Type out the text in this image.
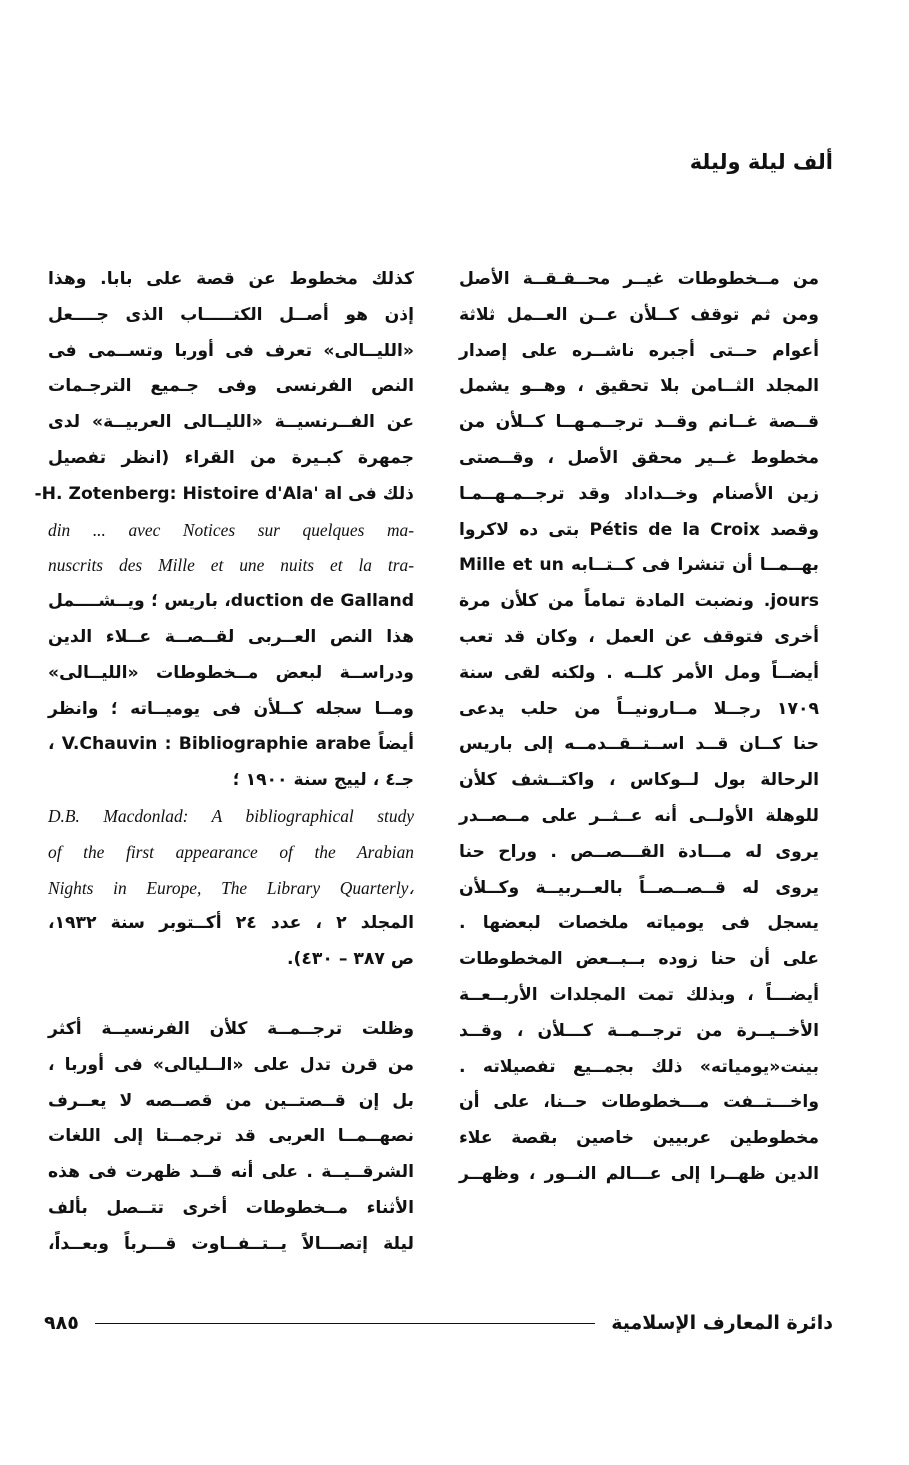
ألف ليلة وليلة
من مــخطوطات غيــر محــقـقــة الأصل
ومن ثم توقف كــلأن عــن العــمل ثلاثة
أعوام حــتى أجبره ناشــره على إصدار
المجلد الثــامن بلا تحقيق ، وهــو يشمل
قــصة غــانم وقــد ترجــمـهــا كــلأن من
مخطوط غــير محقق الأصل ، وقــصتى
زين الأصنام وخــداداد وقد ترجــمـهــمـا
وقصد Pétis de la Croix بتى ده لاكروا
بهــمــا أن تنشرا فى كــتــابه Mille et un
jours. ونضبت المادة تماماً من كلأن مرة
أخرى فتوقف عن العمل ، وكان قد تعب
أيضــاً ومل الأمر كلــه . ولكنه لقى سنة
١٧٠٩ رجــلا مــارونيــاً من حلب يدعى
حنا كــان قــد اســتــقــدمــه إلى باريس
الرحالة بول لــوكاس ، واكتــشف كلأن
للوهلة الأولــى أنه عــثــر على مــصــدر
يروى له مـــادة القـــصــص . وراح حنا
يروى له قــصــصــاً بالعــربيــة وكــلأن
يسجل فى يومياته ملخصات لبعضها .
على أن حنا زوده بــبــعض المخطوطات
أيضـــاً ، وبذلك تمت المجلدات الأربــعــة
الأخــيــرة من ترجــمــة كـــلأن ، وقــد
بينت«يومياته» ذلك بجمــيع تفصيلاته .
واخـــتــفت مـــخطوطات حــنا، على أن
مخطوطين عربيين خاصين بقصة علاء
الدين ظهــرا إلى عـــالم النــور ، وظهــر
كذلك مخطوط عن قصة على بابا. وهذا
إذن هو أصــل الكتـــــاب الذى جــــعل
«الليــالى» تعرف فى أوربا وتســمى فى
النص الفرنسى وفى جـميع الترجـمات
عن الفــرنسيــة «الليــالى العربيــة» لدى
جمهرة كبـيرة من القراء (انظر تفصيل
ذلك فى H. Zotenberg: Histoire d'Ala' al-
din ... avec Notices sur quelques ma-
nuscrits des Mille et une nuits et la tra-
duction de Galland، باريس ؛ ويــشــــمل
هذا النص العــربى لقــصــة عــلاء الدين
ودراســة لبعض مــخطوطات «الليــالى»
ومــا سجله كــلأن فى يوميــاته ؛ وانظر
أيضاً V.Chauvin : Bibliographie arabe ،
جـ٤ ، لييج سنة ١٩٠٠ ؛
D.B. Macdonlad: A bibliographical study
of the first appearance of the Arabian
Nights in Europe, The Library Quarterly،
المجلد ٢ ، عدد ٢٤ أكــتوبر سنة ١٩٣٢،
ص ٣٨٧ – ٤٣٠).
وظلت ترجــمــة كلأن الفرنسيــة أكثر
من قرن تدل على «الــليالى» فى أوربا ،
بل إن قــصتــين من قصــصه لا يعــرف
نصهــمــا العربى قد ترجمــتا إلى اللغات
الشرقــيــة . على أنه قــد ظهرت فى هذه
الأثناء مــخطوطات أخرى تتــصل بألف
ليلة إتصـــالاً يــتــفــاوت قـــرباً وبعــداً،
دائرة المعارف الإسلامية
٩٨٥
